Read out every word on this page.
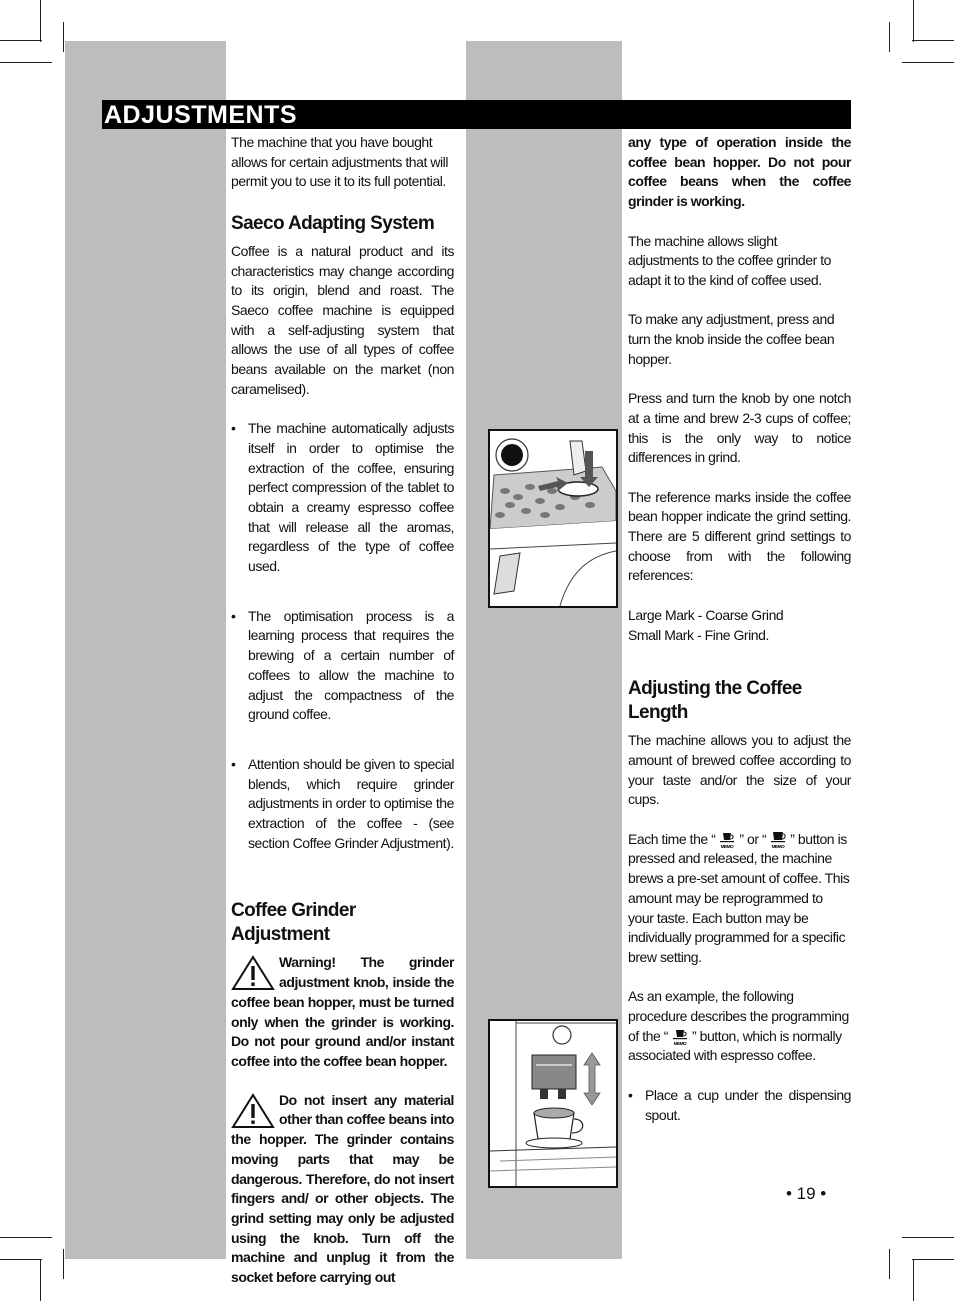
ADJUSTMENTS

The machine that you have bought allows for certain adjustments that will permit you to use it to its full potential.

Saeco Adapting System

Coffee is a natural product and its characteristics may change according to its origin, blend and roast. The Saeco coffee machine is equipped with a self-adjusting system that allows the use of all types of coffee beans available on the market (non caramelised).

• The machine automatically adjusts itself in order to optimise the extraction of the coffee, ensuring perfect compression of the tablet to obtain a creamy espresso coffee that will release all the aromas, regardless of the type of coffee used.
• The optimisation process is a learning process that requires the brewing of a certain number of coffees to allow the machine to adjust the compactness of the ground coffee.
• Attention should be given to special blends, which require grinder adjustments in order to optimise the extraction of the coffee - (see section Coffee Grinder Adjustment).
Coffee Grinder Adjustment
Warning! The grinder adjustment knob, inside the coffee bean hopper, must be turned only when the grinder is working. Do not pour ground and/or instant coffee into the coffee bean hopper.
Do not insert any material other than coffee beans into the hopper. The grinder contains moving parts that may be dangerous. Therefore, do not insert fingers and/ or other objects. The grind setting may only be adjusted using the knob. Turn off the machine and unplug it from the socket before carrying out

any type of operation inside the coffee bean hopper. Do not pour coffee beans when the coffee grinder is working.

The machine allows slight adjustments to the coffee grinder to adapt it to the kind of coffee used.

To make any adjustment, press and turn the knob inside the coffee bean hopper.

Press and turn the knob by one notch at a time and brew 2-3 cups of coffee; this is the only way to notice differences in grind.

The reference marks inside the coffee bean hopper indicate the grind setting. There are 5 different grind settings to choose from with the following references:

Large Mark - Coarse Grind
Small Mark - Fine Grind.
Adjusting the Coffee Length

The machine allows you to adjust the amount of brewed coffee according to your taste and/or the size of your cups.

Each time the “ MEMO ” or “ MEMO ” button is pressed and released, the machine brews a pre-set amount of coffee. This amount may be reprogrammed to your taste. Each button may be individually programmed for a specific brew setting.

As an example, the following procedure describes the programming of the “ MEMO ” button, which is normally associated with espresso coffee.

• Place a cup under the dispensing spout.
• 19 •
